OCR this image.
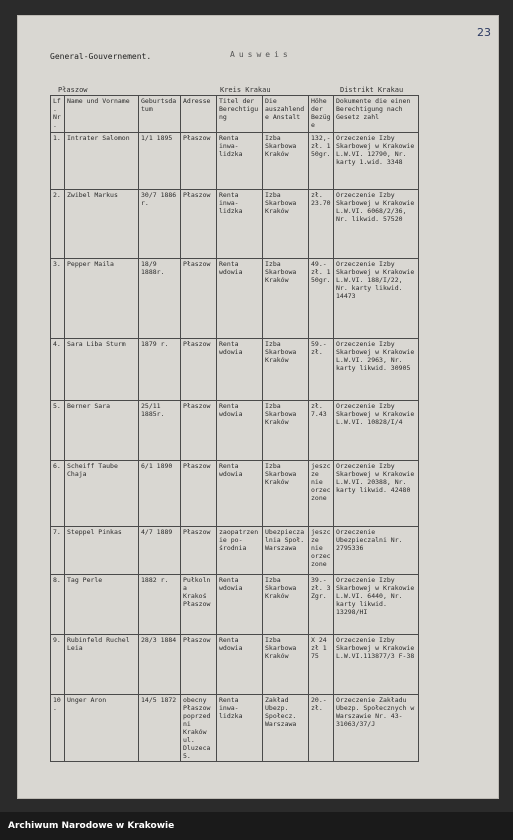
23
General-Gouvernement.	Ausweis
Płaszow	Kreis Krakau	Distrikt Krakau
Lf. Nr.	Name und Vorname	Geburtsdatum	Adresse	Titel der Berechtigung	Die auszahlende Anstalt	Höhe der Bezüge	Dokumente die einen Berechtigung nach Gesetz zahl
1.	Intrater Salomon	1/1 1895	Płaszow	Renta inwa-lidzka	Izba Skarbowa Kraków	132,- zł. 1 50gr.	Orzeczenie Izby Skarbowej w Krakowie L.W.VI. 12790, Nr. karty 1.wid. 3348
2.	Zwibel Markus	30/7 1886 r.	Płaszow	Renta inwa-lidzka	Izba Skarbowa Kraków	zł. 23.70	Orzeczenie Izby Skarbowej w Krakowie L.W.VI. 6068/2/36, Nr. likwid. 57520
3.	Pepper Maila	18/9 1888r.	Płaszow	Renta wdowia	Izba Skarbowa Kraków	49.- zł. 1 50gr.	Orzeczenie Izby Skarbowej w Krakowie L.W.VI. 188/I/22, Nr. karty likwid. 14473
4.	Sara Liba Sturm	1879 r.	Płaszow	Renta wdowia	Izba Skarbowa Kraków	59.- zł.	Orzeczenie Izby Skarbowej w Krakowie L.W.VI. 2963, Nr. karty likwid. 30905
5.	Berner Sara	25/11 1885r.	Płaszow	Renta wdowia	Izba Skarbowa Kraków	zł. 7.43	Orzeczenie Izby Skarbowej w Krakowie L.W.VI. 10828/I/4
6.	Scheiff Taube Chaja	6/1 1890	Płaszow	Renta wdowia	Izba Skarbowa Kraków	jeszcze nie orzeczone	Orzeczenie Izby Skarbowej w Krakowie L.W.VI. 20388, Nr. karty likwid. 42480
7.	Steppel Pinkas	4/7 1889	Płaszow	zaopatrzenie po-środnia	Ubezpieczalnia Społ. Warszawa	jeszcze nie orzeczone	Orzeczenie Ubezpieczalni Nr. 2795336
8.	Tag Perle	1882 r.	Pułkolna Krakoś Płaszow	Renta wdowia	Izba Skarbowa Kraków	39.- zł. 3 Zgr.	Orzeczenie Izby Skarbowej w Krakowie L.W.VI. 6440, Nr. karty likwid. 13298/HI
9.	Rubinfeld Ruchel Leia	28/3 1884	Płaszow	Renta wdowia	Izba Skarbowa Kraków	X 24 zł 1 75	Orzeczenie Izby Skarbowej w Krakowie L.W.VI.113877/3 F-38
10.	Unger Aron	14/5 1872	obecny Płaszow poprzedni Kraków ul. Dluzeca 5.	Renta inwa-lidzka	Zakład Ubezp. Społecz. Warszawa	20.- zł.	Orzeczenie Zakładu Ubezp. Społecznych w Warszawie Nr. 43-31063/37/J
Archiwum Narodowe w Krakowie
